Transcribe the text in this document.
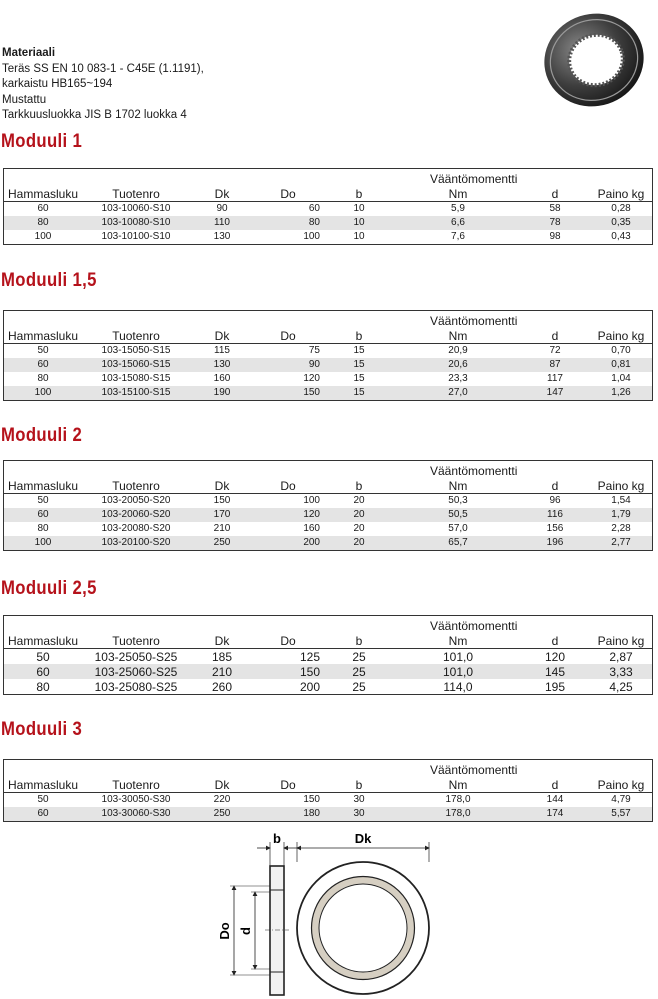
Materiaali
Teräs SS EN 10 083-1 - C45E (1.1191),
karkaistu HB165~194
Mustattu
Tarkkuusluokka JIS B 1702 luokka 4
Moduuli 1
					Vääntömomentti		
Hammasluku	Tuotenro	Dk	Do	b	Nm	d	Paino kg
60	103-10060-S10	90	60	10	5,9	58	0,28
80	103-10080-S10	110	80	10	6,6	78	0,35
100	103-10100-S10	130	100	10	7,6	98	0,43
Moduuli 1,5
					Vääntömomentti		
Hammasluku	Tuotenro	Dk	Do	b	Nm	d	Paino kg
50	103-15050-S15	115	75	15	20,9	72	0,70
60	103-15060-S15	130	90	15	20,6	87	0,81
80	103-15080-S15	160	120	15	23,3	117	1,04
100	103-15100-S15	190	150	15	27,0	147	1,26
Moduuli 2
					Vääntömomentti		
Hammasluku	Tuotenro	Dk	Do	b	Nm	d	Paino kg
50	103-20050-S20	150	100	20	50,3	96	1,54
60	103-20060-S20	170	120	20	50,5	116	1,79
80	103-20080-S20	210	160	20	57,0	156	2,28
100	103-20100-S20	250	200	20	65,7	196	2,77
Moduuli 2,5
					Vääntömomentti		
Hammasluku	Tuotenro	Dk	Do	b	Nm	d	Paino kg
50	103-25050-S25	185	125	25	101,0	120	2,87
60	103-25060-S25	210	150	25	101,0	145	3,33
80	103-25080-S25	260	200	25	114,0	195	4,25
Moduuli 3
					Vääntömomentti		
Hammasluku	Tuotenro	Dk	Do	b	Nm	d	Paino kg
50	103-30050-S30	220	150	30	178,0	144	4,79
60	103-30060-S30	250	180	30	178,0	174	5,57
b	Dk
Do d
